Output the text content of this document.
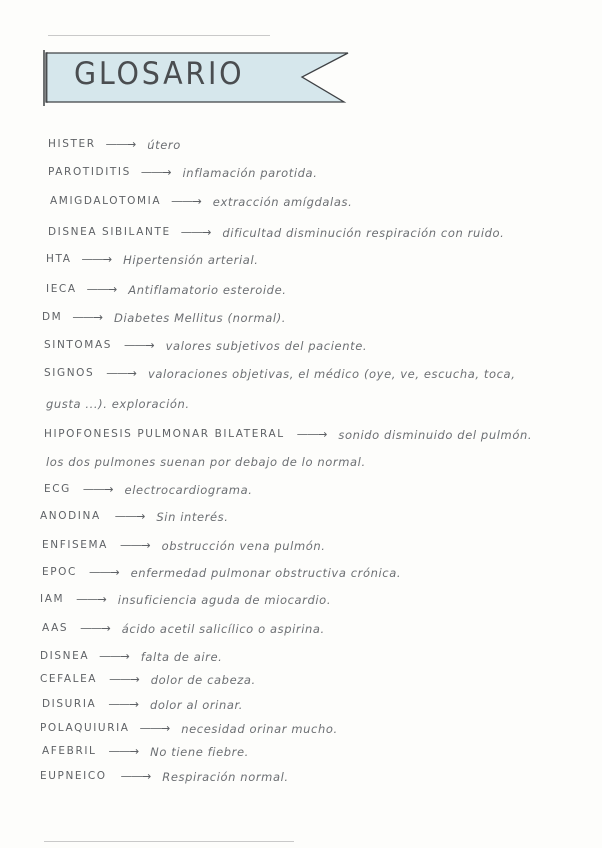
GLOSARIO
HISTER ——→ útero
PAROTIDITIS ——→ inflamación parotida.
AMIGDALOTOMIA ——→ extracción amígdalas.
DISNEA SIBILANTE ——→ dificultad disminución respiración con ruido.
HTA ——→ Hipertensión arterial.
IECA ——→ Antiflamatorio esteroide.
DM ——→ Diabetes Mellitus (normal).
SINTOMAS ——→ valores subjetivos del paciente.
SIGNOS ——→ valoraciones objetivas, el médico (oye, ve, escucha, toca,
gusta ...). exploración.
HIPOFONESIS PULMONAR BILATERAL ——→ sonido disminuido del pulmón.
los dos pulmones suenan por debajo de lo normal.
ECG ——→ electrocardiograma.
ANODINA ——→ Sin interés.
ENFISEMA ——→ obstrucción vena pulmón.
EPOC ——→ enfermedad pulmonar obstructiva crónica.
IAM ——→ insuficiencia aguda de miocardio.
AAS ——→ ácido acetil salicílico o aspirina.
DISNEA ——→ falta de aire.
CEFALEA ——→ dolor de cabeza.
DISURIA ——→ dolor al orinar.
POLAQUIURIA ——→ necesidad orinar mucho.
AFEBRIL ——→ No tiene fiebre.
EUPNEICO ——→ Respiración normal.
